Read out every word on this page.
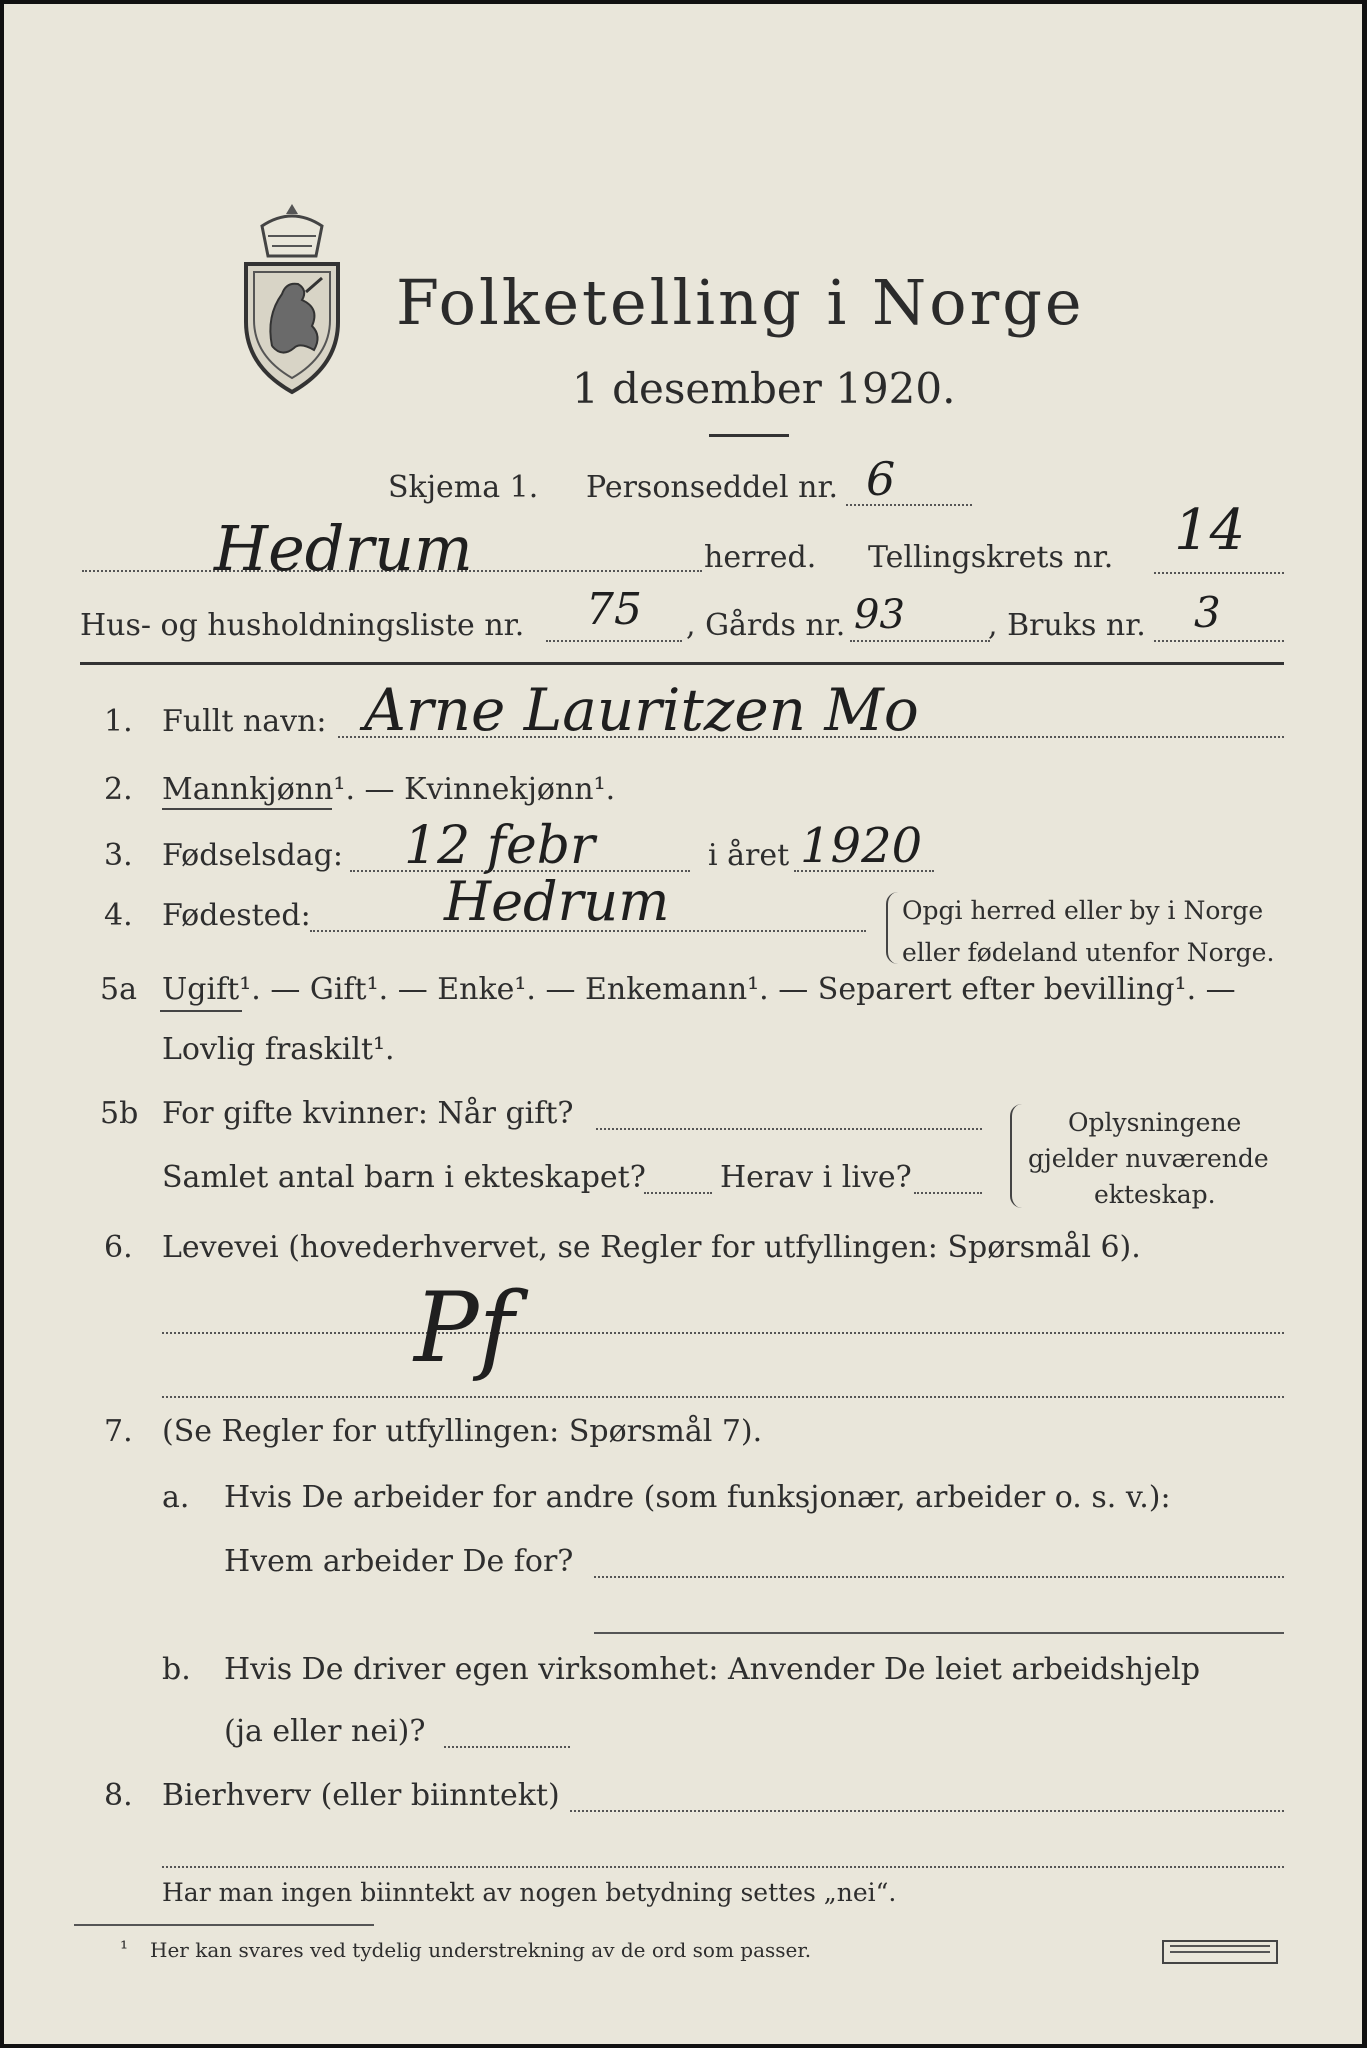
Folketelling i Norge
1 desember 1920.
Skjema 1. Personseddel nr. 6
Hedrum	herred. Tellingskrets nr. 14
Hus- og husholdningsliste nr. 75 , Gårds nr. 93	, Bruks nr. 3
1. Fullt navn: Arne Lauritzen Mo
2. Mannkjønn¹. — Kvinnekjønn¹.
3. Fødselsdag: 12 febr	i året 1920
4. Fødested: Hedrum	Opgi herred eller by i Norge
eller fødeland utenfor Norge.
5a Ugift¹. — Gift¹. — Enke¹. — Enkemann¹. — Separert efter bevilling¹. —
Lovlig fraskilt¹.
5b For gifte kvinner: Når gift?
Samlet antal barn i ekteskapet? Herav i live?
Oplysningene
gjelder nuværende
ekteskap.
6. Levevei (hovederhvervet, se Regler for utfyllingen: Spørsmål 6).
Pf
7. (Se Regler for utfyllingen: Spørsmål 7).
a. Hvis De arbeider for andre (som funksjonær, arbeider o. s. v.):
Hvem arbeider De for?
b. Hvis De driver egen virksomhet: Anvender De leiet arbeidshjelp
(ja eller nei)?
8. Bierhverv (eller biinntekt)
Har man ingen biinntekt av nogen betydning settes „nei“.
¹ Her kan svares ved tydelig understrekning av de ord som passer.
